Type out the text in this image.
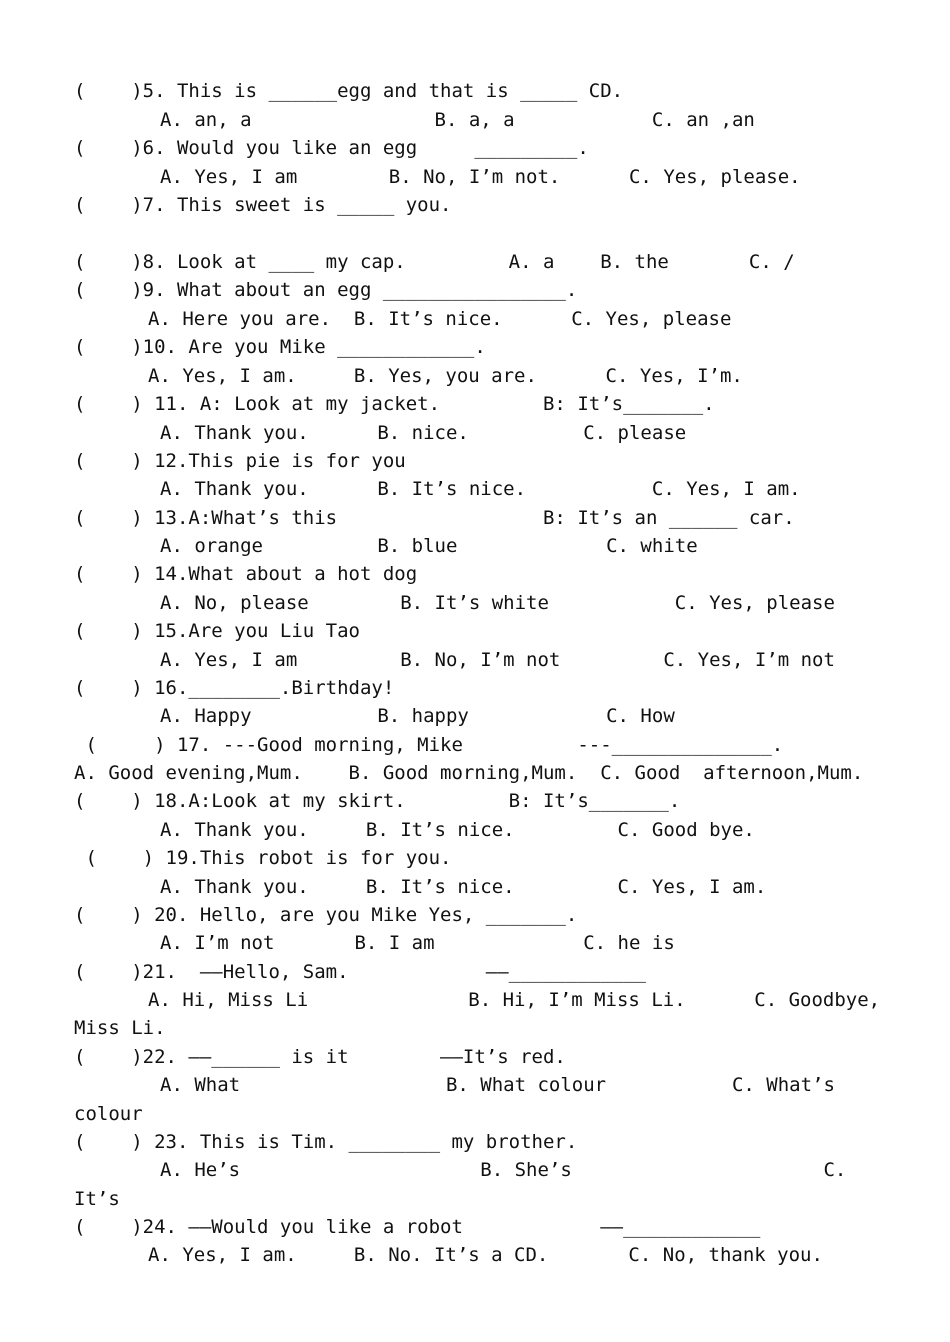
(    )5. This is ______egg and that is _____ CD.
A. an, a                B. a, a            C. an ,an
(    )6. Would you like an egg     _________.
A. Yes, I am        B. No, I’m not.      C. Yes, please.
(    )7. This sweet is _____ you.
(    )8. Look at ____ my cap.         A. a    B. the       C. /
(    )9. What about an egg ________________.
A. Here you are.  B. It’s nice.      C. Yes, please
(    )10. Are you Mike ____________.
A. Yes, I am.     B. Yes, you are.      C. Yes, I’m.
(    ) 11. A: Look at my jacket.         B: It’s_______.
A. Thank you.      B. nice.          C. please
(    ) 12.This pie is for you
A. Thank you.      B. It’s nice.           C. Yes, I am.
(    ) 13.A:What’s this                  B: It’s an ______ car.
A. orange          B. blue             C. white
(    ) 14.What about a hot dog
A. No, please        B. It’s white           C. Yes, please
(    ) 15.Are you Liu Tao
A. Yes, I am         B. No, I’m not         C. Yes, I’m not
(    ) 16.________.Birthday!
A. Happy           B. happy            C. How
(     ) 17. ---Good morning, Mike          ---______________.
A. Good evening,Mum.    B. Good morning,Mum.  C. Good  afternoon,Mum.
(    ) 18.A:Look at my skirt.         B: It’s_______.
A. Thank you.     B. It’s nice.         C. Good bye.
(    ) 19.This robot is for you.
A. Thank you.     B. It’s nice.         C. Yes, I am.
(    ) 20. Hello, are you Mike Yes, _______.
A. I’m not       B. I am             C. he is
(    )21.  ——Hello, Sam.            ——____________
A. Hi, Miss Li              B. Hi, I’m Miss Li.      C. Goodbye,
Miss Li.
(    )22. ——______ is it        ——It’s red.
A. What                  B. What colour           C. What’s
colour
(    ) 23. This is Tim. ________ my brother.
A. He’s                     B. She’s                      C.
It’s
(    )24. ——Would you like a robot            ——____________
A. Yes, I am.     B. No. It’s a CD.       C. No, thank you.
